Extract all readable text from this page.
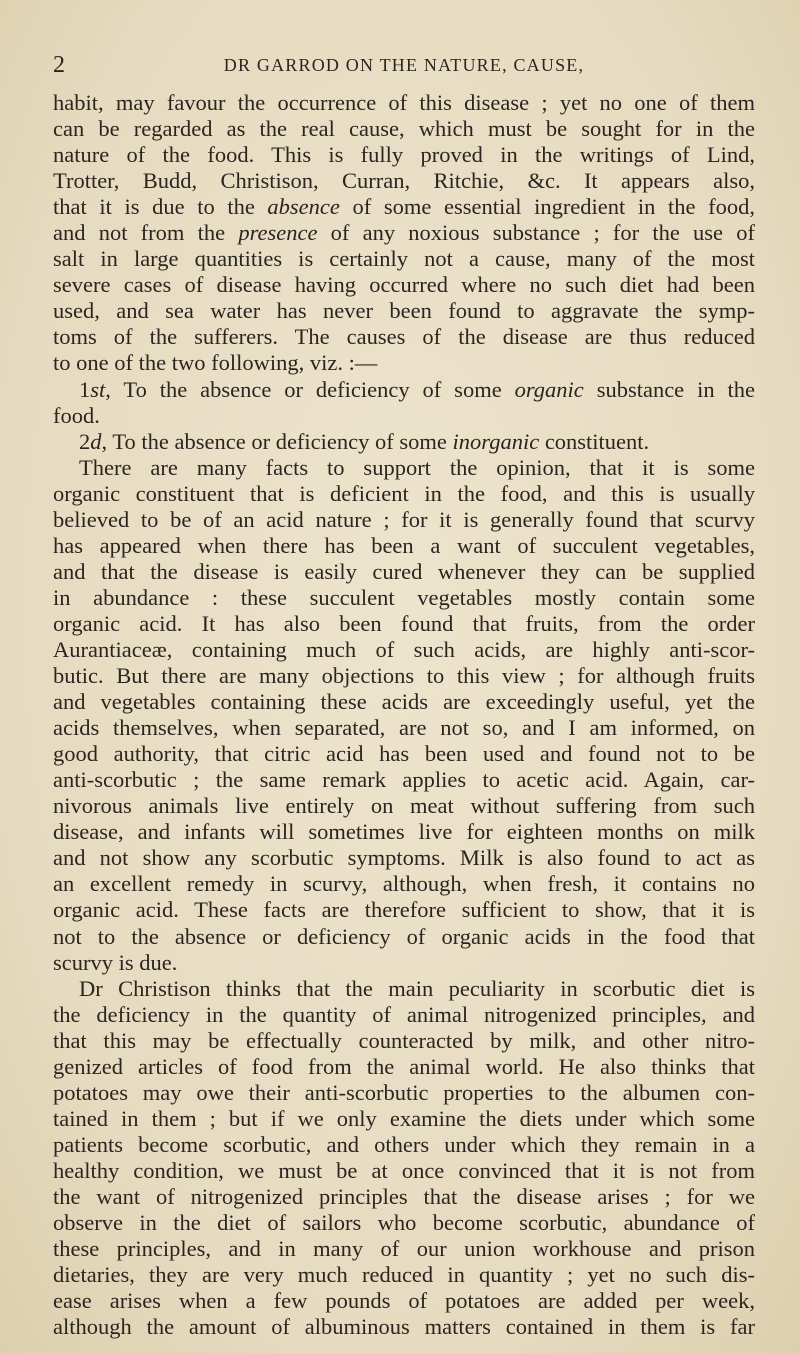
2	DR GARROD ON THE NATURE, CAUSE,
habit, may favour the occurrence of this disease ; yet no one of them
can be regarded as the real cause, which must be sought for in the
nature of the food. This is fully proved in the writings of Lind,
Trotter, Budd, Christison, Curran, Ritchie, &c. It appears also,
that it is due to the absence of some essential ingredient in the food,
and not from the presence of any noxious substance ; for the use of
salt in large quantities is certainly not a cause, many of the most
severe cases of disease having occurred where no such diet had been
used, and sea water has never been found to aggravate the symp-
toms of the sufferers. The causes of the disease are thus reduced
to one of the two following, viz. :—
1st, To the absence or deficiency of some organic substance in the
food.
2d, To the absence or deficiency of some inorganic constituent.
There are many facts to support the opinion, that it is some
organic constituent that is deficient in the food, and this is usually
believed to be of an acid nature ; for it is generally found that scurvy
has appeared when there has been a want of succulent vegetables,
and that the disease is easily cured whenever they can be supplied
in abundance : these succulent vegetables mostly contain some
organic acid. It has also been found that fruits, from the order
Aurantiaceæ, containing much of such acids, are highly anti-scor-
butic. But there are many objections to this view ; for although fruits
and vegetables containing these acids are exceedingly useful, yet the
acids themselves, when separated, are not so, and I am informed, on
good authority, that citric acid has been used and found not to be
anti-scorbutic ; the same remark applies to acetic acid. Again, car-
nivorous animals live entirely on meat without suffering from such
disease, and infants will sometimes live for eighteen months on milk
and not show any scorbutic symptoms. Milk is also found to act as
an excellent remedy in scurvy, although, when fresh, it contains no
organic acid. These facts are therefore sufficient to show, that it is
not to the absence or deficiency of organic acids in the food that
scurvy is due.
Dr Christison thinks that the main peculiarity in scorbutic diet is
the deficiency in the quantity of animal nitrogenized principles, and
that this may be effectually counteracted by milk, and other nitro-
genized articles of food from the animal world. He also thinks that
potatoes may owe their anti-scorbutic properties to the albumen con-
tained in them ; but if we only examine the diets under which some
patients become scorbutic, and others under which they remain in a
healthy condition, we must be at once convinced that it is not from
the want of nitrogenized principles that the disease arises ; for we
observe in the diet of sailors who become scorbutic, abundance of
these principles, and in many of our union workhouse and prison
dietaries, they are very much reduced in quantity ; yet no such dis-
ease arises when a few pounds of potatoes are added per week,
although the amount of albuminous matters contained in them is far
